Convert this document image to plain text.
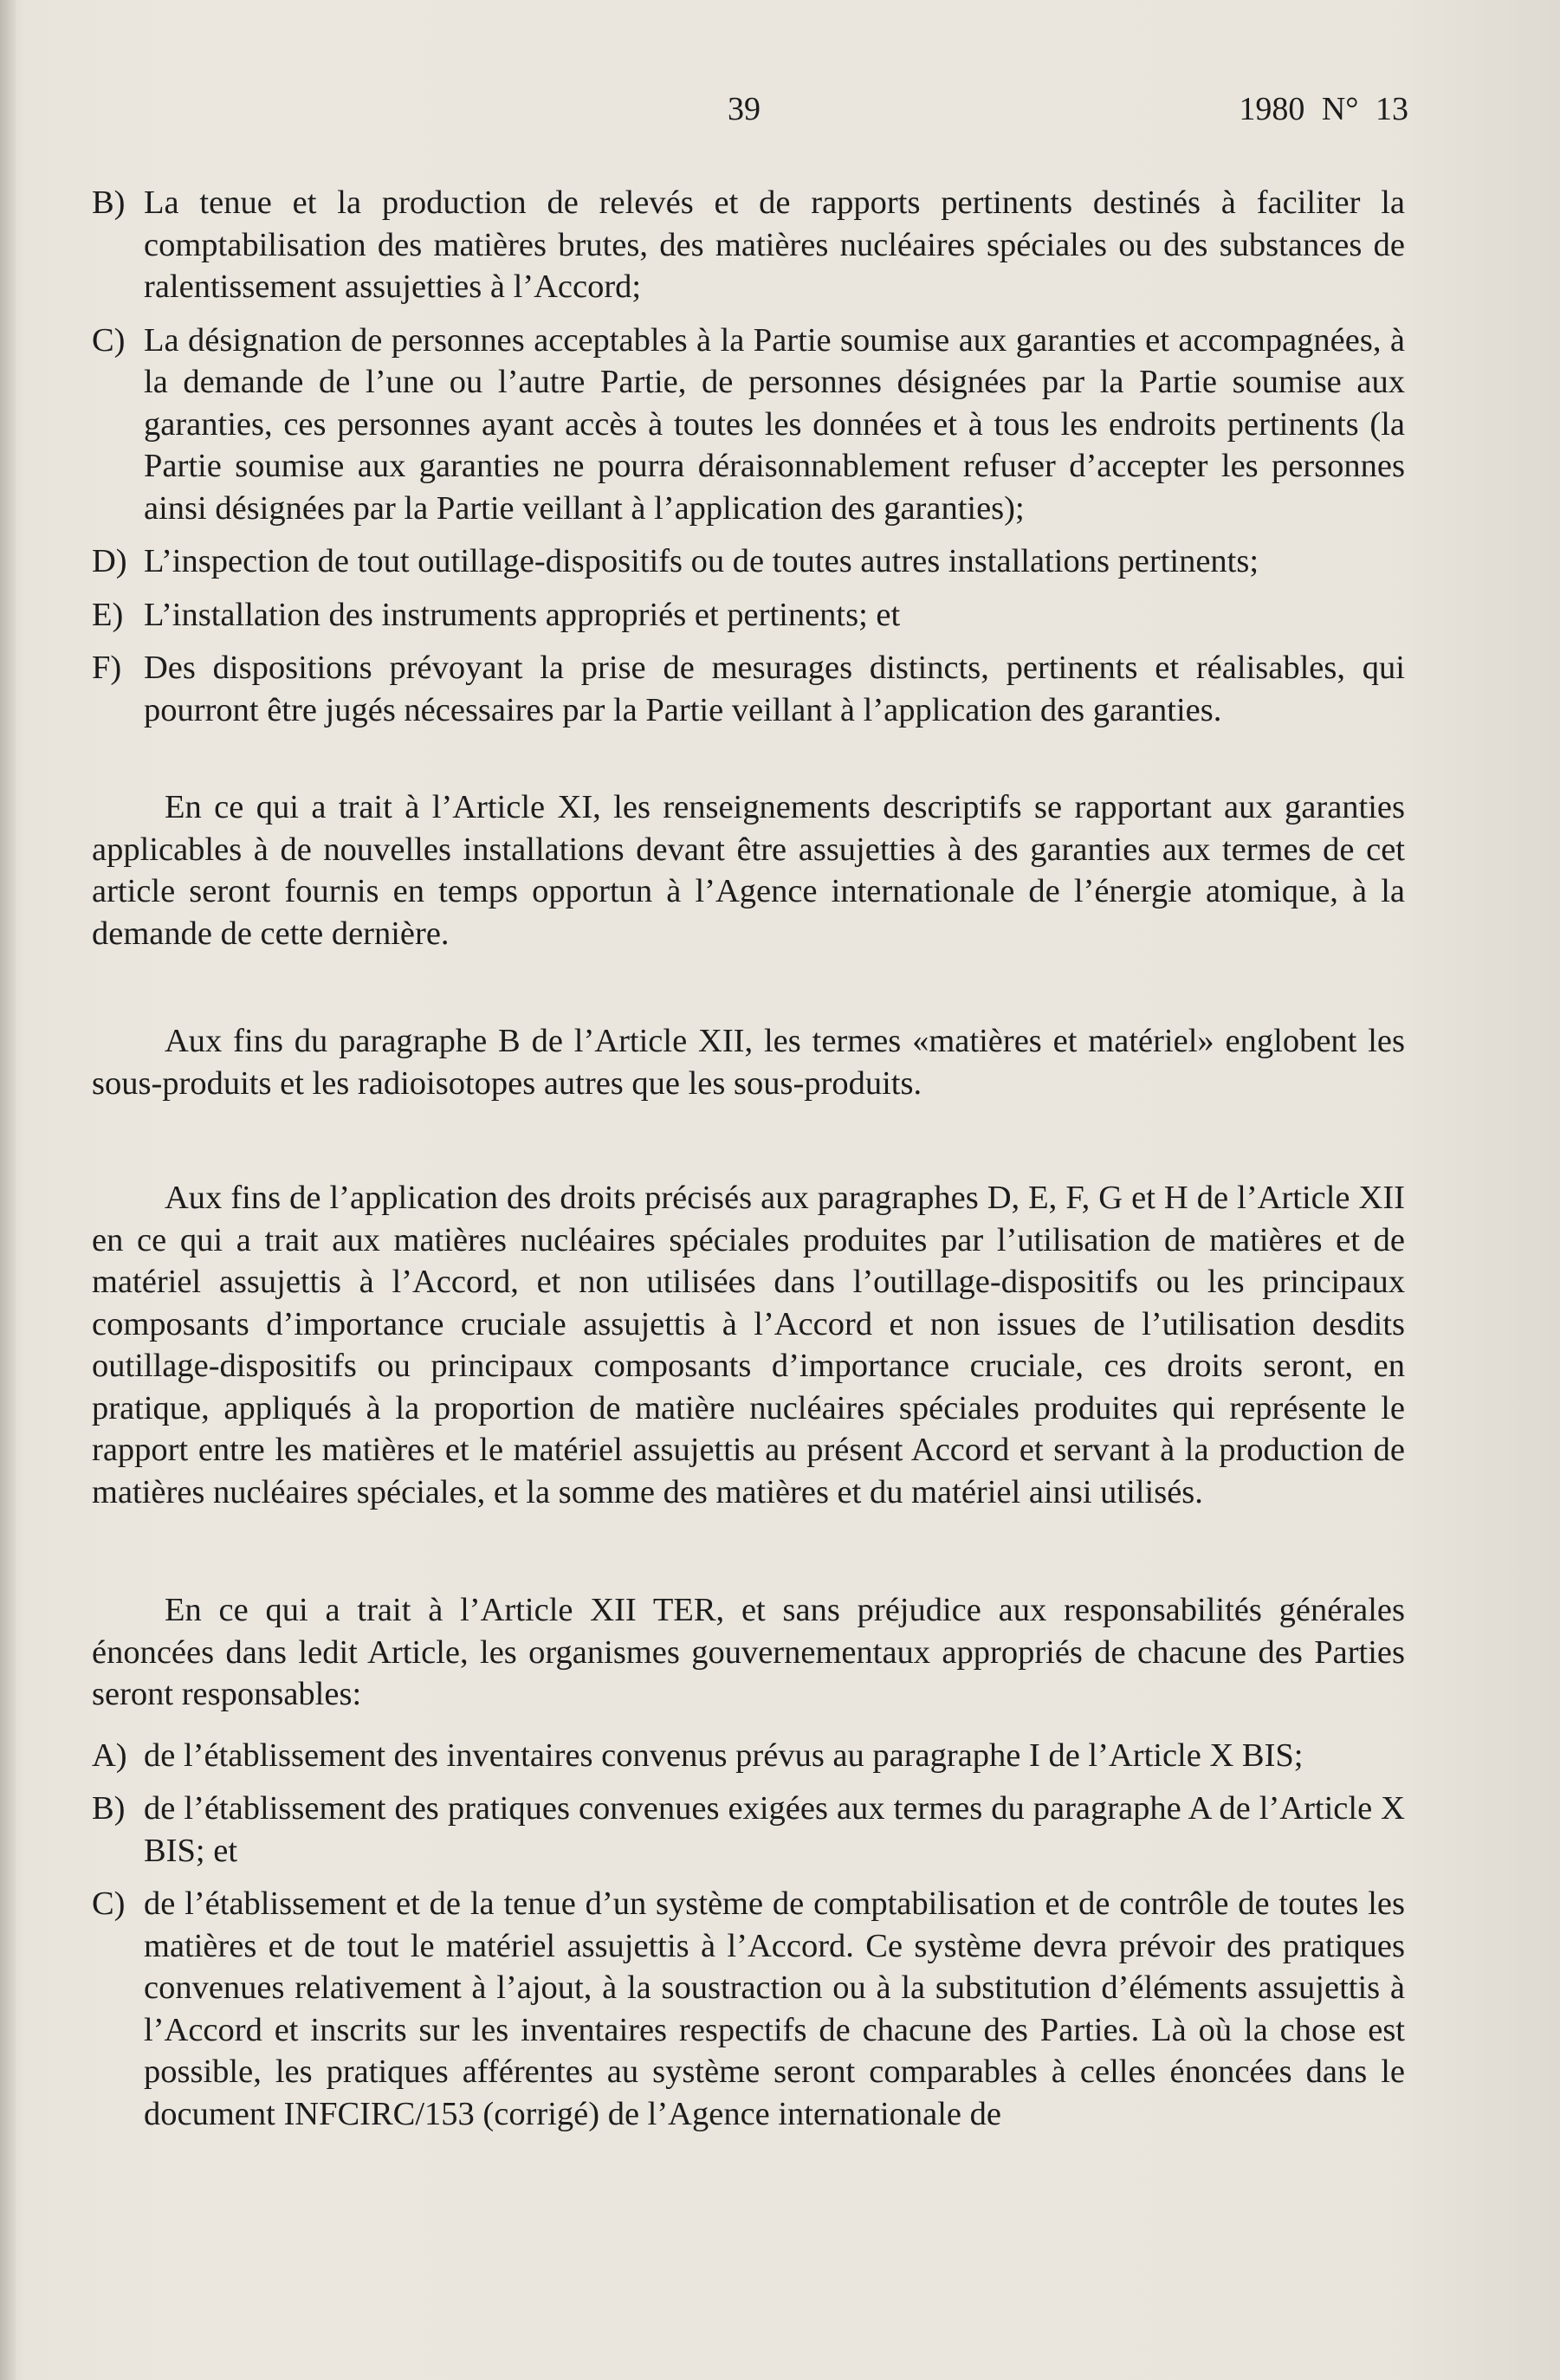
39	1980 N° 13
B) La tenue et la production de relevés et de rapports pertinents destinés à faciliter la comptabilisation des matières brutes, des matières nucléaires spéciales ou des substances de ralentissement assujetties à l’Accord;
C) La désignation de personnes acceptables à la Partie soumise aux garanties et accompagnées, à la demande de l’une ou l’autre Partie, de personnes désignées par la Partie soumise aux garanties, ces personnes ayant accès à toutes les données et à tous les endroits pertinents (la Partie soumise aux garanties ne pourra déraisonnablement refuser d’accepter les personnes ainsi désignées par la Partie veillant à l’application des garanties);
D) L’inspection de tout outillage-dispositifs ou de toutes autres installations pertinents;
E) L’installation des instruments appropriés et pertinents; et
F) Des dispositions prévoyant la prise de mesurages distincts, pertinents et réalisables, qui pourront être jugés nécessaires par la Partie veillant à l’application des garanties.

En ce qui a trait à l’Article XI, les renseignements descriptifs se rapportant aux garanties applicables à de nouvelles installations devant être assujetties à des garanties aux termes de cet article seront fournis en temps opportun à l’Agence internationale de l’énergie atomique, à la demande de cette dernière.

Aux fins du paragraphe B de l’Article XII, les termes «matières et matériel» englobent les sous-produits et les radioisotopes autres que les sous-produits.

Aux fins de l’application des droits précisés aux paragraphes D, E, F, G et H de l’Article XII en ce qui a trait aux matières nucléaires spéciales produites par l’utilisation de matières et de matériel assujettis à l’Accord, et non utilisées dans l’outillage-dispositifs ou les principaux composants d’importance cruciale assujettis à l’Accord et non issues de l’utilisation desdits outillage-dispositifs ou principaux composants d’importance cruciale, ces droits seront, en pratique, appliqués à la proportion de matière nucléaires spéciales produites qui représente le rapport entre les matières et le matériel assujettis au présent Accord et servant à la production de matières nucléaires spéciales, et la somme des matières et du matériel ainsi utilisés.

En ce qui a trait à l’Article XII TER, et sans préjudice aux responsabilités générales énoncées dans ledit Article, les organismes gouvernementaux appropriés de chacune des Parties seront responsables:

A) de l’établissement des inventaires convenus prévus au paragraphe I de l’Article X BIS;
B) de l’établissement des pratiques convenues exigées aux termes du paragraphe A de l’Article X BIS; et
C) de l’établissement et de la tenue d’un système de comptabilisation et de contrôle de toutes les matières et de tout le matériel assujettis à l’Accord. Ce système devra prévoir des pratiques convenues relativement à l’ajout, à la soustraction ou à la substitution d’éléments assujettis à l’Accord et inscrits sur les inventaires respectifs de chacune des Parties. Là où la chose est possible, les pratiques afférentes au système seront comparables à celles énoncées dans le document INFCIRC/153 (corrigé) de l’Agence internationale de
